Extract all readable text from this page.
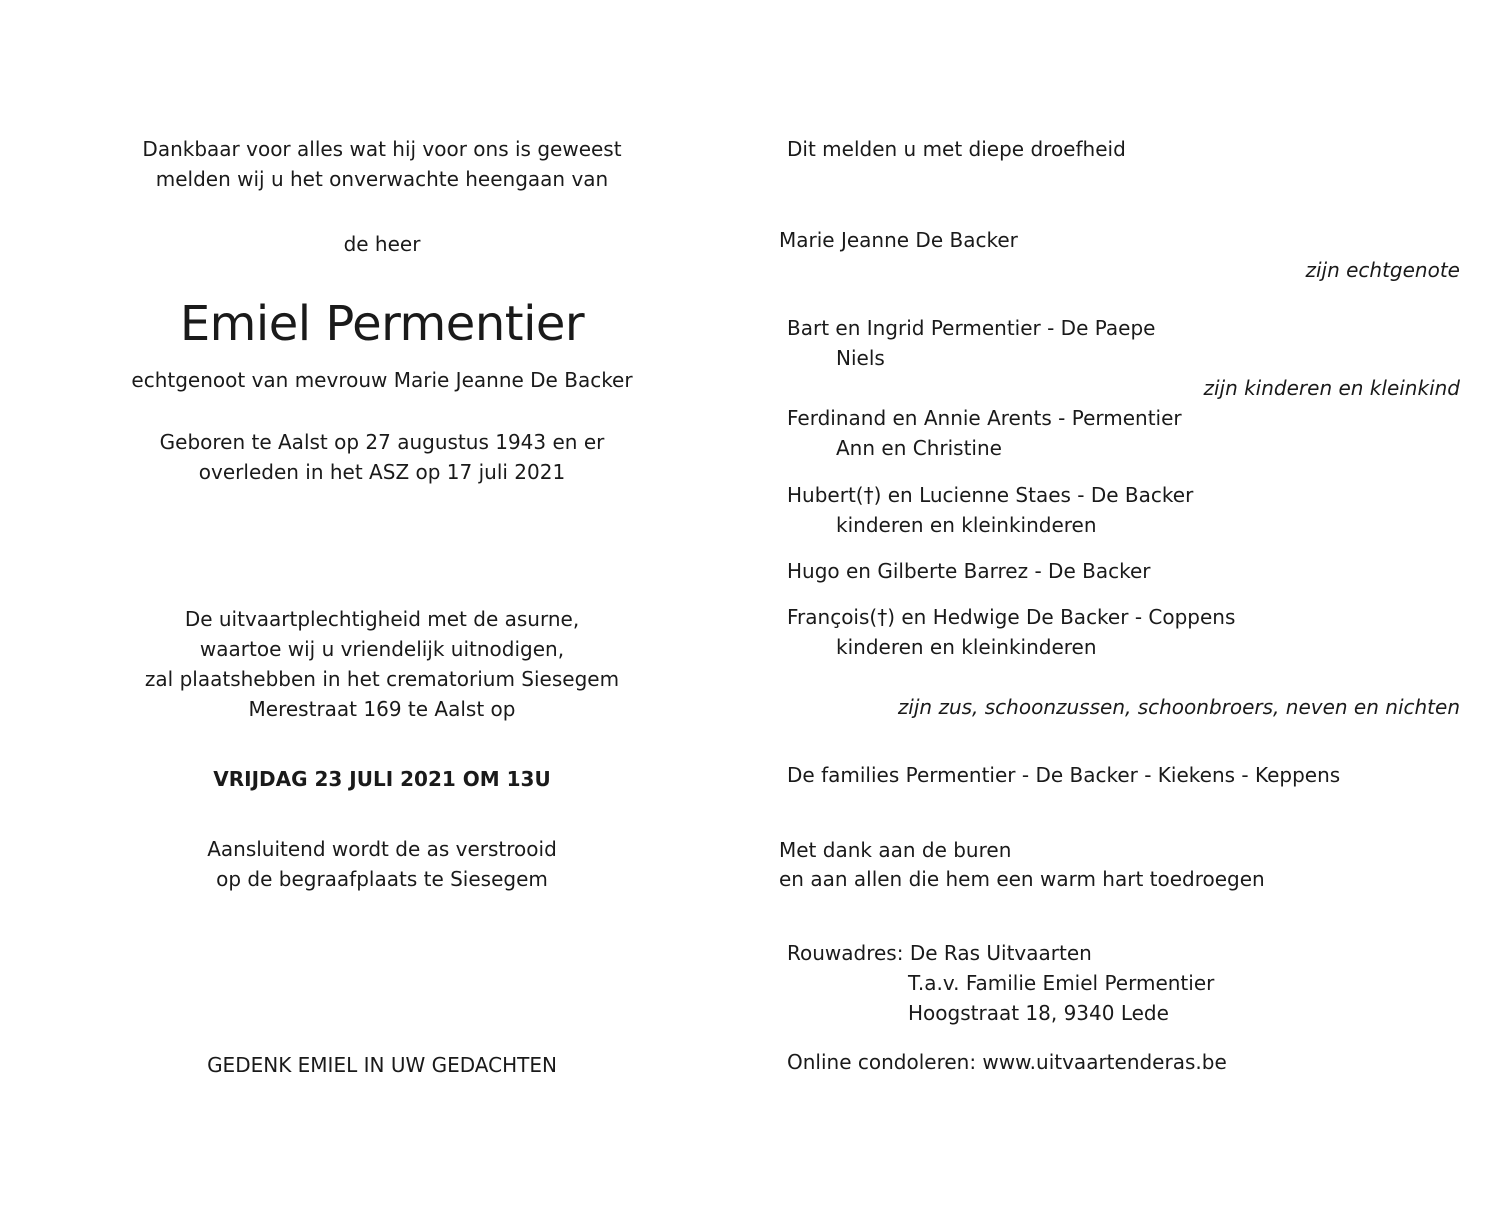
Dankbaar voor alles wat hij voor ons is geweest
melden wij u het onverwachte heengaan van
de heer
Emiel Permentier
echtgenoot van mevrouw Marie Jeanne De Backer
Geboren te Aalst op 27 augustus 1943 en er
overleden in het ASZ op 17 juli 2021
De uitvaartplechtigheid met de asurne,
waartoe wij u vriendelijk uitnodigen,
zal plaatshebben in het crematorium Siesegem
Merestraat 169 te Aalst op
VRIJDAG 23 JULI 2021 OM 13U
Aansluitend wordt de as verstrooid
op de begraafplaats te Siesegem
GEDENK EMIEL IN UW GEDACHTEN
Dit melden u met diepe droefheid
Marie Jeanne De Backer
zijn echtgenote
Bart en Ingrid Permentier - De Paepe
Niels
zijn kinderen en kleinkind
Ferdinand en Annie Arents - Permentier
Ann en Christine
Hubert(†) en Lucienne Staes - De Backer
kinderen en kleinkinderen
Hugo en Gilberte Barrez - De Backer
François(†) en Hedwige De Backer - Coppens
kinderen en kleinkinderen
zijn zus, schoonzussen, schoonbroers, neven en nichten
De families Permentier - De Backer - Kiekens - Keppens
Met dank aan de buren
en aan allen die hem een warm hart toedroegen
Rouwadres: De Ras Uitvaarten
T.a.v. Familie Emiel Permentier
Hoogstraat 18, 9340 Lede
Online condoleren: www.uitvaartenderas.be
